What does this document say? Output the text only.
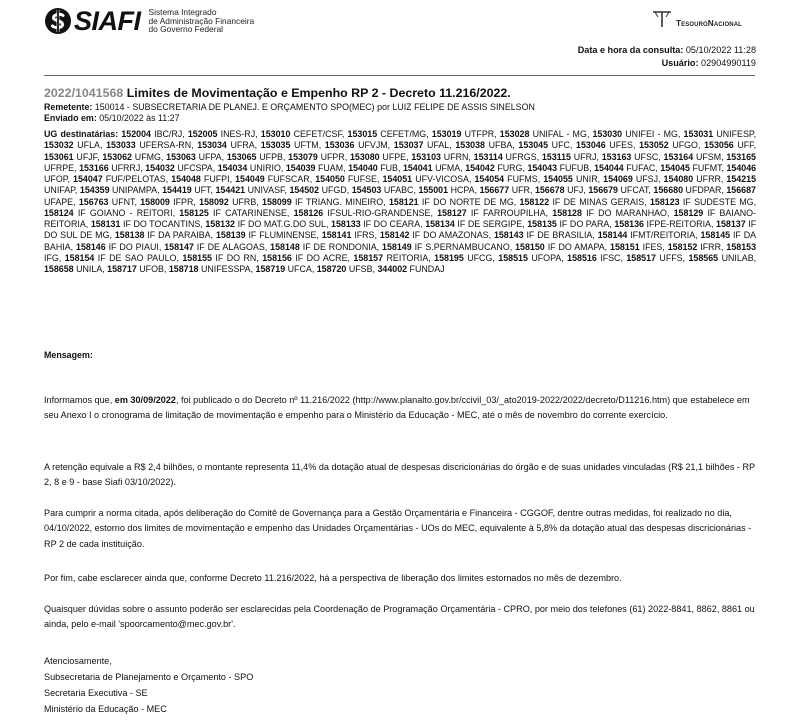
SIAFI Sistema Integrado
de Administração Financeira
do Governo Federal
TesouroNacional
Data e hora da consulta: 05/10/2022 11:28
Usuário: 02904990119
2022/1041568 Limites de Movimentação e Empenho RP 2 - Decreto 11.216/2022.
Remetente: 150014 - SUBSECRETARIA DE PLANEJ. E ORÇAMENTO SPO(MEC) por LUIZ FELIPE DE ASSIS SINELSON
Enviado em: 05/10/2022 às 11:27
UG destinatárias: 152004 IBC/RJ, 152005 INES-RJ, 153010 CEFET/CSF, 153015 CEFET/MG, 153019 UTFPR, 153028 UNIFAL - MG, 153030 UNIFEI - MG, 153031 UNIFESP, 153032 UFLA, 153033 UFERSA-RN, 153034 UFRA, 153035 UFTM, 153036 UFVJM, 153037 UFAL, 153038 UFBA, 153045 UFC, 153046 UFES, 153052 UFGO, 153056 UFF, 153061 UFJF, 153062 UFMG, 153063 UFPA, 153065 UFPB, 153079 UFPR, 153080 UFPE, 153103 UFRN, 153114 UFRGS, 153115 UFRJ, 153163 UFSC, 153164 UFSM, 153165 UFRPE, 153166 UFRRJ, 154032 UFCSPA, 154034 UNIRIO, 154039 FUAM, 154040 FUB, 154041 UFMA, 154042 FURG, 154043 FUFUB, 154044 FUFAC, 154045 FUFMT, 154046 UFOP, 154047 FUF/PELOTAS, 154048 FUFPI, 154049 FUFSCAR, 154050 FUFSE, 154051 UFV-VICOSA, 154054 FUFMS, 154055 UNIR, 154069 UFSJ, 154080 UFRR, 154215 UNIFAP, 154359 UNIPAMPA, 154419 UFT, 154421 UNIVASF, 154502 UFGD, 154503 UFABC, 155001 HCPA, 156677 UFR, 156678 UFJ, 156679 UFCAT, 156680 UFDPAR, 156687 UFAPE, 156763 UFNT, 158009 IFPR, 158092 UFRB, 158099 IF TRIANG. MINEIRO, 158121 IF DO NORTE DE MG, 158122 IF DE MINAS GERAIS, 158123 IF SUDESTE MG, 158124 IF GOIANO - REITORI, 158125 IF CATARINENSE, 158126 IFSUL-RIO-GRANDENSE, 158127 IF FARROUPILHA, 158128 IF DO MARANHAO, 158129 IF BAIANO-REITORIA, 158131 IF DO TOCANTINS, 158132 IF DO MAT.G.DO SUL, 158133 IF DO CEARA, 158134 IF DE SERGIPE, 158135 IF DO PARA, 158136 IFPE-REITORIA, 158137 IF DO SUL DE MG, 158138 IF DA PARAIBA, 158139 IF FLUMINENSE, 158141 IFRS, 158142 IF DO AMAZONAS, 158143 IF DE BRASILIA, 158144 IFMT/REITORIA, 158145 IF DA BAHIA, 158146 IF DO PIAUI, 158147 IF DE ALAGOAS, 158148 IF DE RONDONIA, 158149 IF S.PERNAMBUCANO, 158150 IF DO AMAPA, 158151 IFES, 158152 IFRR, 158153 IFG, 158154 IF DE SAO PAULO, 158155 IF DO RN, 158156 IF DO ACRE, 158157 REITORIA, 158195 UFCG, 158515 UFOPA, 158516 IFSC, 158517 UFFS, 158565 UNILAB, 158658 UNILA, 158717 UFOB, 158718 UNIFESSPA, 158719 UFCA, 158720 UFSB, 344002 FUNDAJ
Mensagem:
Informamos que, em 30/09/2022, foi publicado o do Decreto nº 11.216/2022 (http://www.planalto.gov.br/ccivil_03/_ato2019-2022/2022/decreto/D11216.htm) que estabelece em seu Anexo I o cronograma de limitação de movimentação e empenho para o Ministério da Educação - MEC, até o mês de novembro do corrente exercício.
A retenção equivale a R$ 2,4 bilhões, o montante representa 11,4% da dotação atual de despesas discricionárias do órgão e de suas unidades vinculadas (R$ 21,1 bilhões - RP 2, 8 e 9 - base Siafi 03/10/2022).
Para cumprir a norma citada, após deliberação do Comitê de Governança para a Gestão Orçamentária e Financeira - CGGOF, dentre outras medidas, foi realizado no dia, 04/10/2022, estorno dos limites de movimentação e empenho das Unidades Orçamentárias - UOs do MEC, equivalente à 5,8% da dotação atual das despesas discricionárias - RP 2 de cada instituição.
Por fim, cabe esclarecer ainda que, conforme Decreto 11.216/2022, há a perspectiva de liberação dos limites estornados no mês de dezembro.
Quaisquer dúvidas sobre o assunto poderão ser esclarecidas pela Coordenação de Programação Orçamentária - CPRO, por meio dos telefones (61) 2022-8841, 8862, 8861 ou ainda, pelo e-mail 'spoorcamento@mec.gov.br'.
Atenciosamente,
Subsecretaria de Planejamento e Orçamento - SPO
Secretaria Executiva - SE
Ministério da Educação - MEC
